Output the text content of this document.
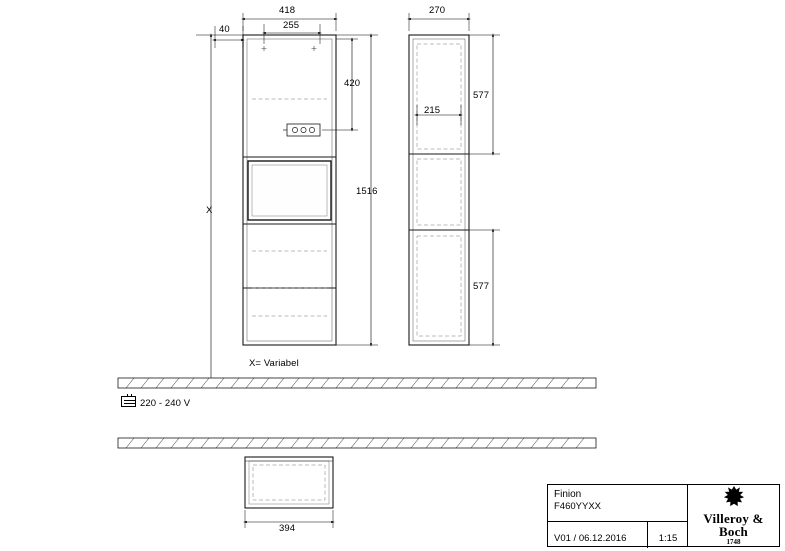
418
255
40
420
1516
X
X= Variabel
270
215
577
577
394
220 - 240 V
Finion
F460YYXX
V01 / 06.12.2016	1:15
Villeroy & Boch
1748
